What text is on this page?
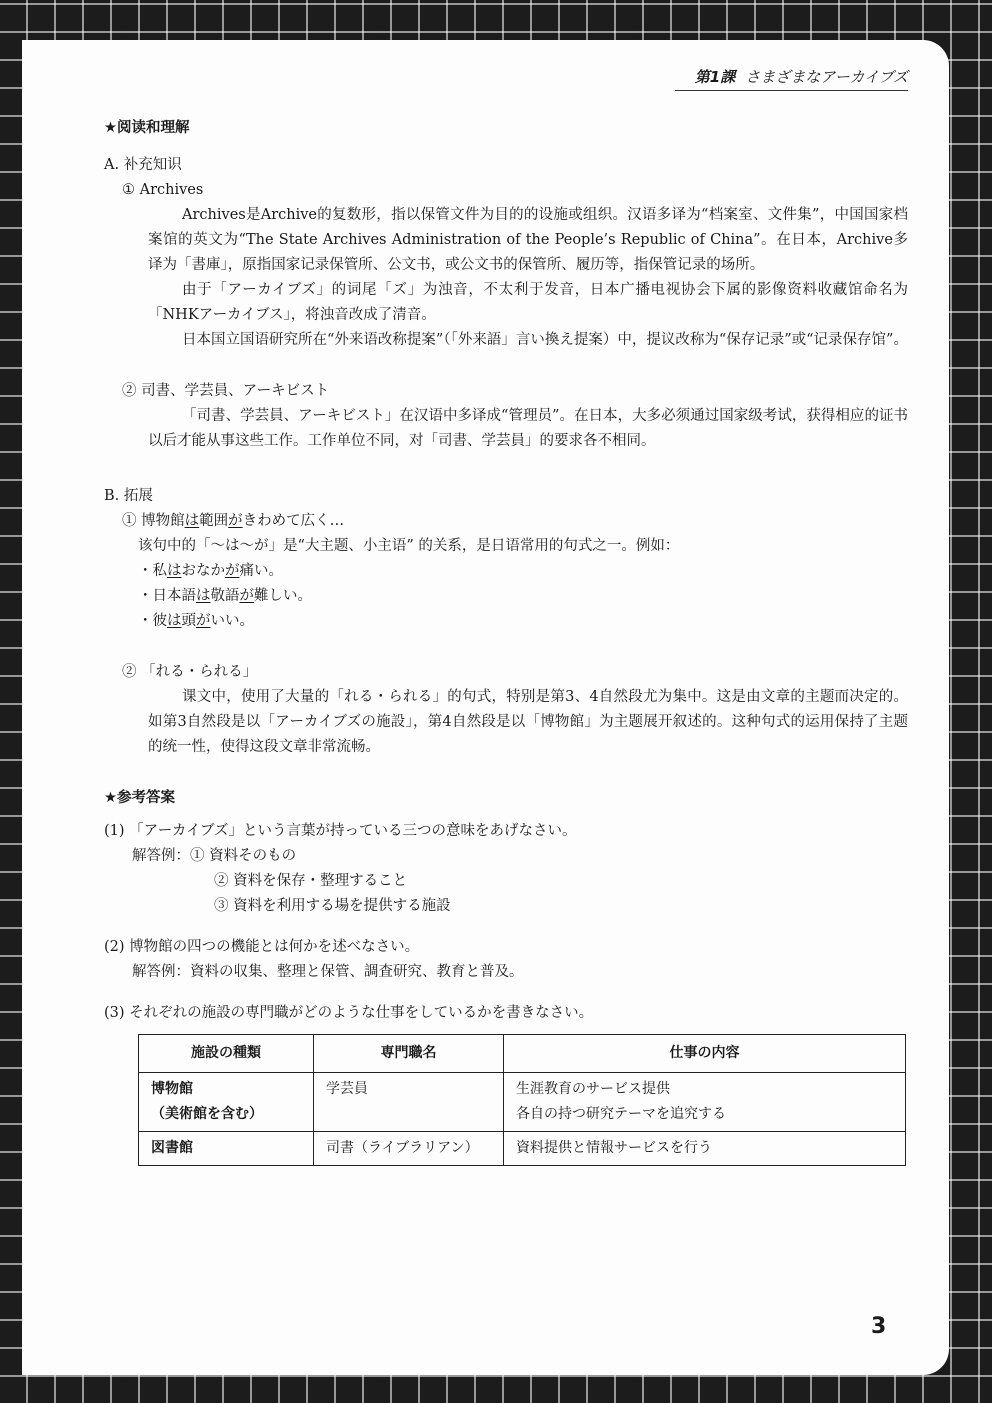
第1課 さまざまなアーカイブズ

★阅读和理解

A. 补充知识

① Archives

Archives是Archive的复数形，指以保管文件为目的的设施或组织。汉语多译为“档案室、文件集”，中国国家档案馆的英文为“The State Archives Administration of the People’s Republic of China”。在日本，Archive多译为「書庫」，原指国家记录保管所、公文书，或公文书的保管所、履历等，指保管记录的场所。

由于「アーカイブズ」的词尾「ズ」为浊音，不太利于发音，日本广播电视协会下属的影像资料收藏馆命名为「NHKアーカイブス」，将浊音改成了清音。

日本国立国语研究所在“外来语改称提案”（「外来語」言い換え提案）中，提议改称为“保存记录”或“记录保存馆”。

② 司書、学芸員、アーキビスト

「司書、学芸員、アーキビスト」在汉语中多译成“管理员”。在日本，大多必须通过国家级考试，获得相应的证书以后才能从事这些工作。工作单位不同，对「司書、学芸員」的要求各不相同。

B. 拓展

① 博物館は範囲がきわめて広く…

该句中的「～は～が」是“大主题、小主语” 的关系，是日语常用的句式之一。例如：

・私はおなかが痛い。

・日本語は敬語が難しい。

・彼は頭がいい。

② 「れる・られる」

课文中，使用了大量的「れる・られる」的句式，特别是第3、4自然段尤为集中。这是由文章的主题而决定的。如第3自然段是以「アーカイブズの施設」，第4自然段是以「博物館」为主题展开叙述的。这种句式的运用保持了主题的统一性，使得这段文章非常流畅。

★参考答案

(1) 「アーカイブズ」という言葉が持っている三つの意味をあげなさい。

解答例：① 資料そのもの

② 資料を保存・整理すること

③ 資料を利用する場を提供する施設

(2) 博物館の四つの機能とは何かを述べなさい。

解答例：資料の収集、整理と保管、調査研究、教育と普及。

(3) それぞれの施設の専門職がどのような仕事をしているかを書きなさい。

施設の種類	専門職名	仕事の内容

博物館
（美術館を含む）	学芸員	生涯教育のサービス提供
各自の持つ研究テーマを追究する

図書館	司書（ライブラリアン）	資料提供と情報サービスを行う
3
